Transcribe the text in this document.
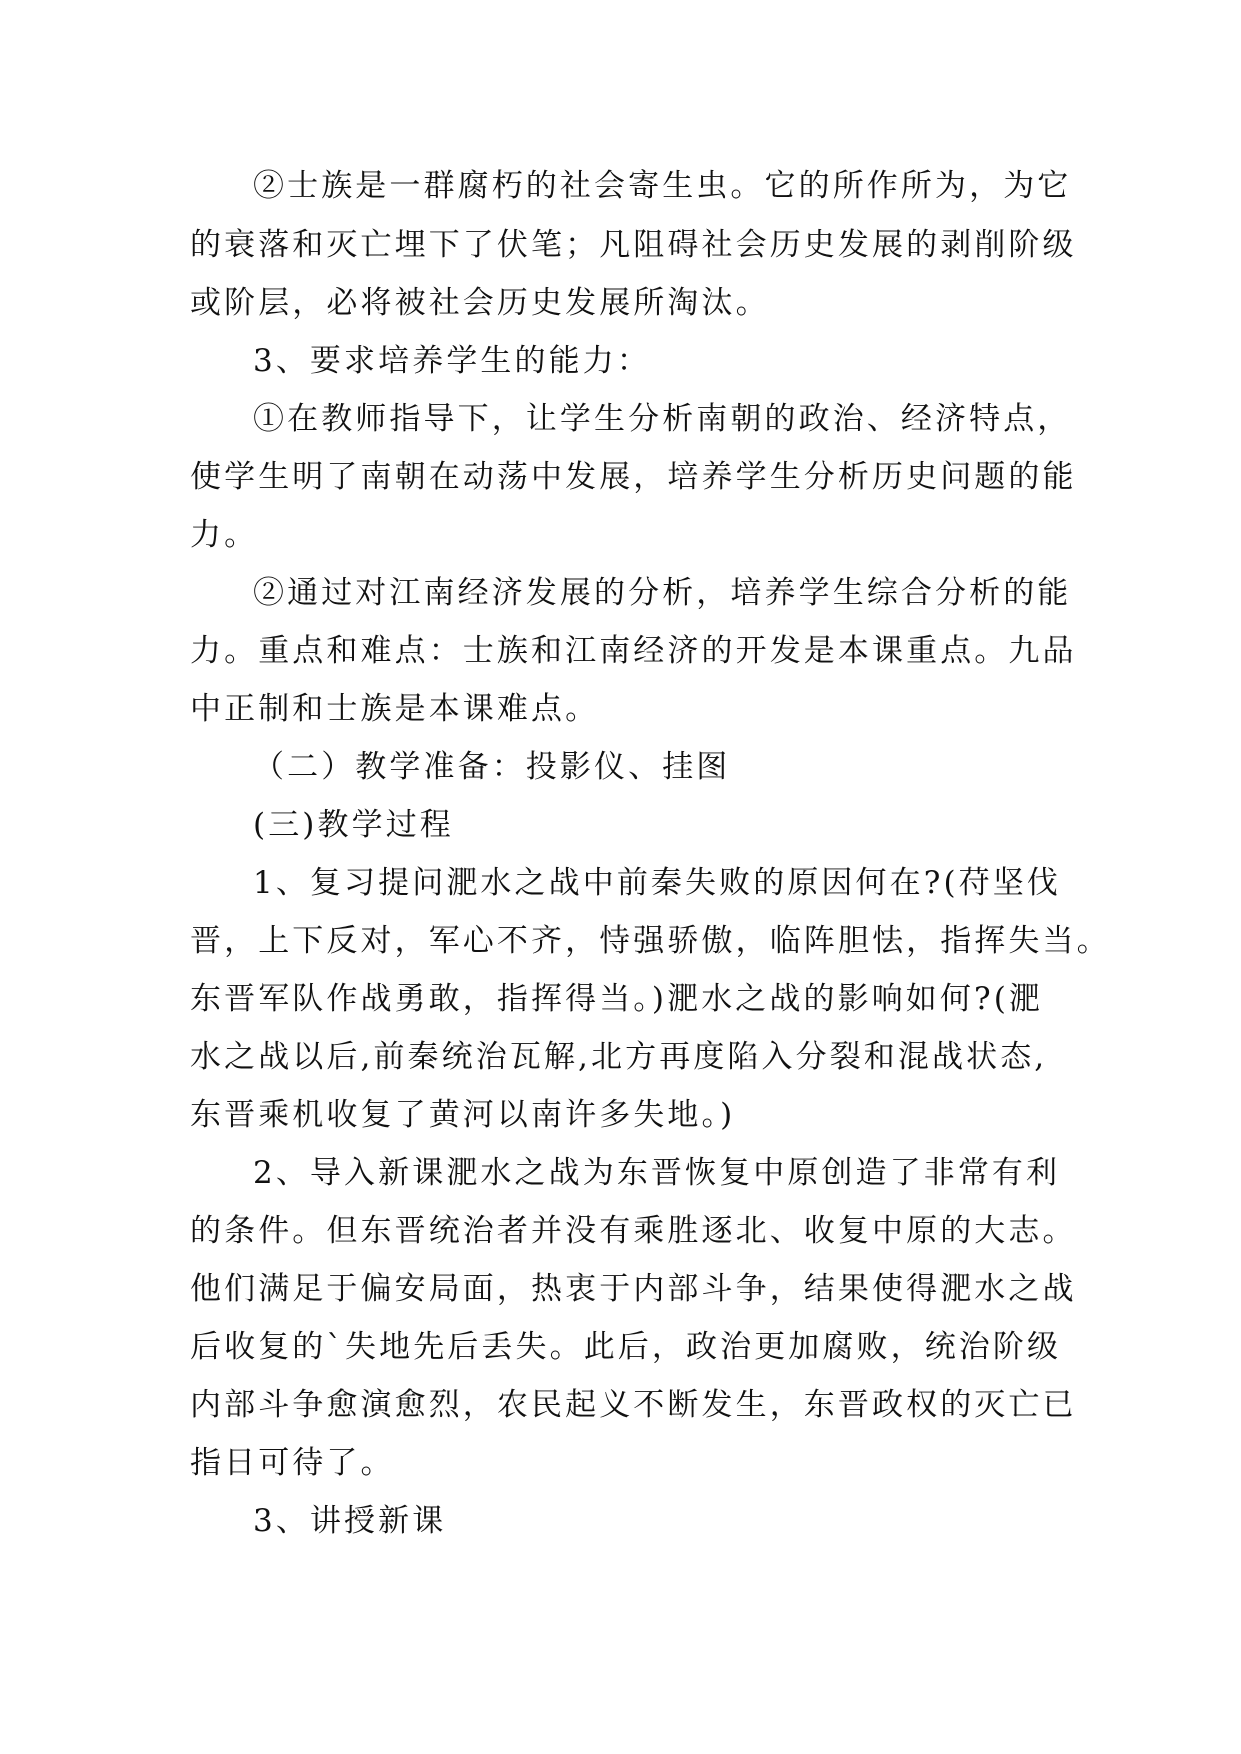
②士族是一群腐朽的社会寄生虫。它的所作所为，为它
的衰落和灭亡埋下了伏笔；凡阻碍社会历史发展的剥削阶级
或阶层，必将被社会历史发展所淘汰。
3、要求培养学生的能力：
①在教师指导下，让学生分析南朝的政治、经济特点，
使学生明了南朝在动荡中发展，培养学生分析历史问题的能
力。
②通过对江南经济发展的分析，培养学生综合分析的能
力。重点和难点：士族和江南经济的开发是本课重点。九品
中正制和士族是本课难点。
（二）教学准备：投影仪、挂图
(三)教学过程
1、复习提问淝水之战中前秦失败的原因何在?(苻坚伐
晋，上下反对，军心不齐，恃强骄傲，临阵胆怯，指挥失当。
东晋军队作战勇敢，指挥得当。)淝水之战的影响如何?(淝
水之战以后,前秦统治瓦解,北方再度陷入分裂和混战状态,
东晋乘机收复了黄河以南许多失地。)
2、导入新课淝水之战为东晋恢复中原创造了非常有利
的条件。但东晋统治者并没有乘胜逐北、收复中原的大志。
他们满足于偏安局面，热衷于内部斗争，结果使得淝水之战
后收复的`失地先后丢失。此后，政治更加腐败，统治阶级
内部斗争愈演愈烈，农民起义不断发生，东晋政权的灭亡已
指日可待了。
3、讲授新课
